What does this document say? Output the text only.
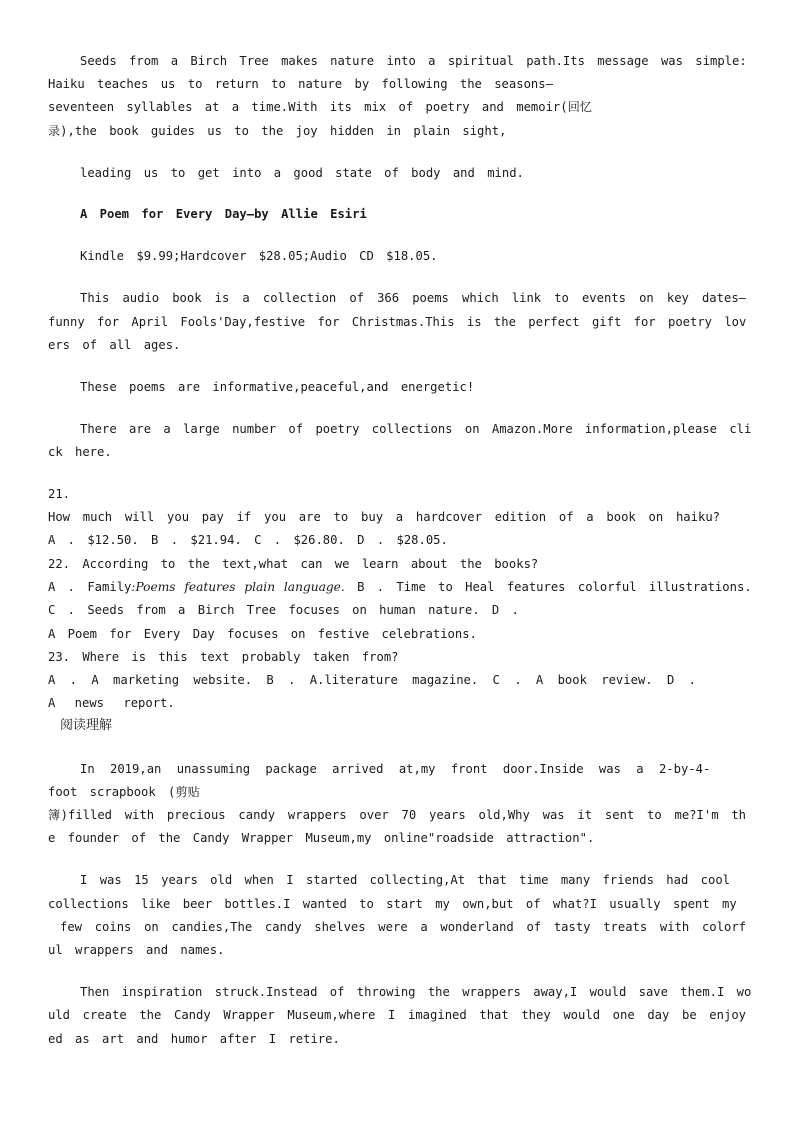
Seeds from a Birch Tree makes nature into a spiritual path.Its message was simple:
Haiku teaches us to return to nature by following the seasons—
seventeen syllables at a time.With its mix of poetry and memoir(回忆
录),the book guides us to the joy hidden in plain sight,
leading us to get into a good state of body and mind.
A Poem for Every Day—by Allie Esiri
Kindle $9.99;Hardcover $28.05;Audio CD $18.05.
This audio book is a collection of 366 poems which link to events on key dates—
funny for April Fools'Day,festive for Christmas.This is the perfect gift for poetry lov
ers of all ages.
These poems are informative,peaceful,and energetic!
There are a large number of poetry collections on Amazon.More information,please cli
ck here.
21.
How much will you pay if you are to buy a hardcover edition of a book on haiku?
A . $12.50. B . $21.94. C . $26.80. D . $28.05.
22. According to the text,what can we learn about the books?
A . Family:Poems features plain language. B . Time to Heal features colorful illustrations.
C . Seeds from a Birch Tree focuses on human nature. D .
A Poem for Every Day focuses on festive celebrations.
23. Where is this text probably taken from?
A . A marketing website. B . A.literature magazine. C . A book review. D .
A news report.
阅读理解
In 2019,an unassuming package arrived at,my front door.Inside was a 2-by-4-
foot scrapbook (剪贴
簿)filled with precious candy wrappers over 70 years old,Why was it sent to me?I'm th
e founder of the Candy Wrapper Museum,my online"roadside attraction".
I was 15 years old when I started collecting,At that time many friends had cool
collections like beer bottles.I wanted to start my own,but of what?I usually spent my
few coins on candies,The candy shelves were a wonderland of tasty treats with colorf
ul wrappers and names.
Then inspiration struck.Instead of throwing the wrappers away,I would save them.I wo
uld create the Candy Wrapper Museum,where I imagined that they would one day be enjoy
ed as art and humor after I retire.
